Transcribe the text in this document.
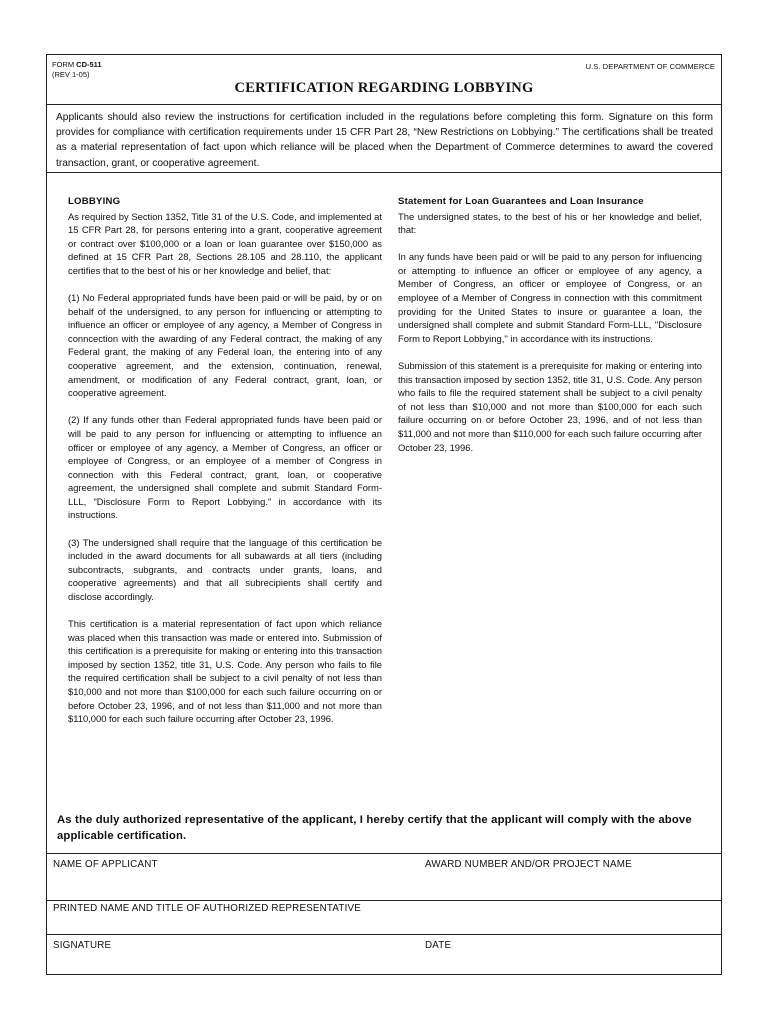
FORM CD-511
(REV 1-05)
U.S. DEPARTMENT OF COMMERCE
CERTIFICATION REGARDING LOBBYING
Applicants should also review the instructions for certification included in the regulations before completing this form. Signature on this form provides for compliance with certification requirements under 15 CFR Part 28, “New Restrictions on Lobbying.” The certifications shall be treated as a material representation of fact upon which reliance will be placed when the Department of Commerce determines to award the covered transaction, grant, or cooperative agreement.
LOBBYING

As required by Section 1352, Title 31 of the U.S. Code, and implemented at 15 CFR Part 28, for persons entering into a grant, cooperative agreement or contract over $100,000 or a loan or loan guarantee over $150,000 as defined at 15 CFR Part 28, Sections 28.105 and 28.110, the applicant certifies that to the best of his or her knowledge and belief, that:

(1) No Federal appropriated funds have been paid or will be paid, by or on behalf of the undersigned, to any person for influencing or attempting to influence an officer or employee of any agency, a Member of Congress in conncection with the awarding of any Federal contract, the making of any Federal grant, the making of any Federal loan, the entering into of any cooperative agreement, and the extension, continuation, renewal, amendment, or modification of any Federal contract, grant, loan, or cooperative agreement.

(2) If any funds other than Federal appropriated funds have been paid or will be paid to any person for influencing or attempting to influence an officer or employee of any agency, a Member of Congress, an officer or employee of Congress, or an employee of a member of Congress in connection with this Federal contract, grant, loan, or cooperative agreement, the undersigned shall complete and submit Standard Form-LLL, "Disclosure Form to Report Lobbying." in accordance with its instructions.

(3) The undersigned shall require that the language of this certification be included in the award documents for all subawards at all tiers (including subcontracts, subgrants, and contracts under grants, loans, and cooperative agreements) and that all subrecipients shall certify and disclose accordingly.

This certification is a material representation of fact upon which reliance was placed when this transaction was made or entered into. Submission of this certification is a prerequisite for making or entering into this transaction imposed by section 1352, title 31, U.S. Code. Any person who fails to file the required certification shall be subject to a civil penalty of not less than $10,000 and not more than $100,000 for each such failure occurring on or before October 23, 1996, and of not less than $11,000 and not more than $110,000 for each such failure occurring after October 23, 1996.

Statement for Loan Guarantees and Loan Insurance

The undersigned states, to the best of his or her knowledge and belief, that:

In any funds have been paid or will be paid to any person for influencing or attempting to influence an officer or employee of any agency, a Member of Congress, an officer or employee of Congress, or an employee of a Member of Congress in connection with this commitment providing for the United States to insure or guarantee a loan, the undersigned shall complete and submit Standard Form-LLL, ''Disclosure Form to Report Lobbying,'' in accordance with its instructions.

Submission of this statement is a prerequisite for making or entering into this transaction imposed by section 1352, title 31, U.S. Code. Any person who fails to file the required statement shall be subject to a civil penalty of not less than $10,000 and not more than $100,000 for each such failure occurring on or before October 23, 1996, and of not less than $11,000 and not more than $110,000 for each such failure occurring after October 23, 1996.

As the duly authorized representative of the applicant, I hereby certify that the applicant will comply with the above applicable certification.
NAME OF APPLICANT	AWARD NUMBER AND/OR PROJECT NAME
PRINTED NAME AND TITLE OF AUTHORIZED REPRESENTATIVE
SIGNATURE	DATE
